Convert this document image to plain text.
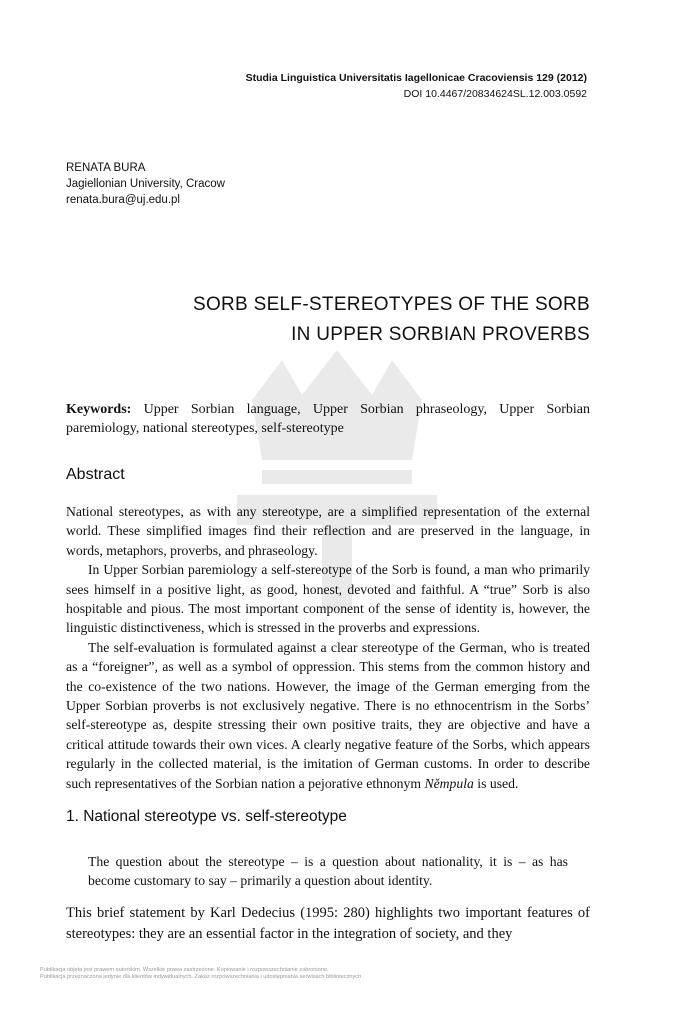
Studia Linguistica Universitatis Iagellonicae Cracoviensis 129 (2012)
DOI 10.4467/20834624SL.12.003.0592
RENATA BURA
Jagiellonian University, Cracow
renata.bura@uj.edu.pl
SORB SELF-STEREOTYPES OF THE SORB
IN UPPER SORBIAN PROVERBS
Keywords: Upper Sorbian language, Upper Sorbian phraseology, Upper Sorbian paremiology, national stereotypes, self-stereotype
Abstract

National stereotypes, as with any stereotype, are a simplified representation of the external world. These simplified images find their reflection and are preserved in the language, in words, metaphors, proverbs, and phraseology.

In Upper Sorbian paremiology a self-stereotype of the Sorb is found, a man who primarily sees himself in a positive light, as good, honest, devoted and faithful. A “true” Sorb is also hospitable and pious. The most important component of the sense of identity is, however, the linguistic distinctiveness, which is stressed in the proverbs and expressions.

The self-evaluation is formulated against a clear stereotype of the German, who is treated as a “foreigner”, as well as a symbol of oppression. This stems from the common history and the co-existence of the two nations. However, the image of the German emerging from the Upper Sorbian proverbs is not exclusively negative. There is no ethnocentrism in the Sorbs’ self-stereotype as, despite stressing their own positive traits, they are objective and have a critical attitude towards their own vices. A clearly negative feature of the Sorbs, which appears regularly in the collected material, is the imitation of German customs. In order to describe such representatives of the Sorbian nation a pejorative ethnonym Němpula is used.

1. National stereotype vs. self-stereotype
The question about the stereotype – is a question about nationality, it is – as has become customary to say – primarily a question about identity.
This brief statement by Karl Dedecius (1995: 280) highlights two important features of stereotypes: they are an essential factor in the integration of society, and they
Publikacja objęta jest prawem autorskim. Wszelkie prawa zastrzeżone. Kopiowanie i rozpowszechnianie zabronione.
Publikacja przeznaczona jedynie dla klientów indywidualnych. Zakaz rozpowszechniania i udostępniania serwisach bibliotecznych
